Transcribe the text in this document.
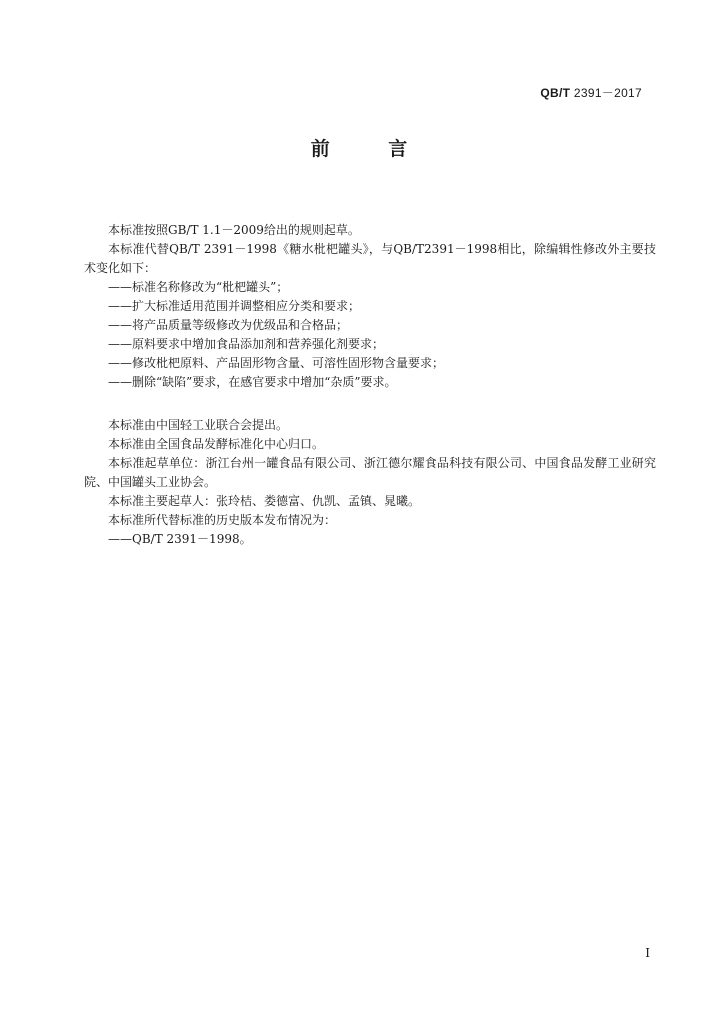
QB/T 2391－2017
前 言

本标准按照GB/T 1.1－2009给出的规则起草。

本标准代替QB/T 2391－1998《糖水枇杷罐头》，与QB/T2391－1998相比，除编辑性修改外主要技术变化如下：

——标准名称修改为“枇杷罐头”；

——扩大标准适用范围并调整相应分类和要求；

——将产品质量等级修改为优级品和合格品；

——原料要求中增加食品添加剂和营养强化剂要求；

——修改枇杷原料、产品固形物含量、可溶性固形物含量要求；

——删除“缺陷”要求，在感官要求中增加“杂质”要求。

本标准由中国轻工业联合会提出。

本标准由全国食品发酵标准化中心归口。

本标准起草单位：浙江台州一罐食品有限公司、浙江德尔耀食品科技有限公司、中国食品发酵工业研究院、中国罐头工业协会。

本标准主要起草人：张玲桔、娄德富、仇凯、孟镇、晁曦。

本标准所代替标准的历史版本发布情况为：

——QB/T 2391－1998。

I
